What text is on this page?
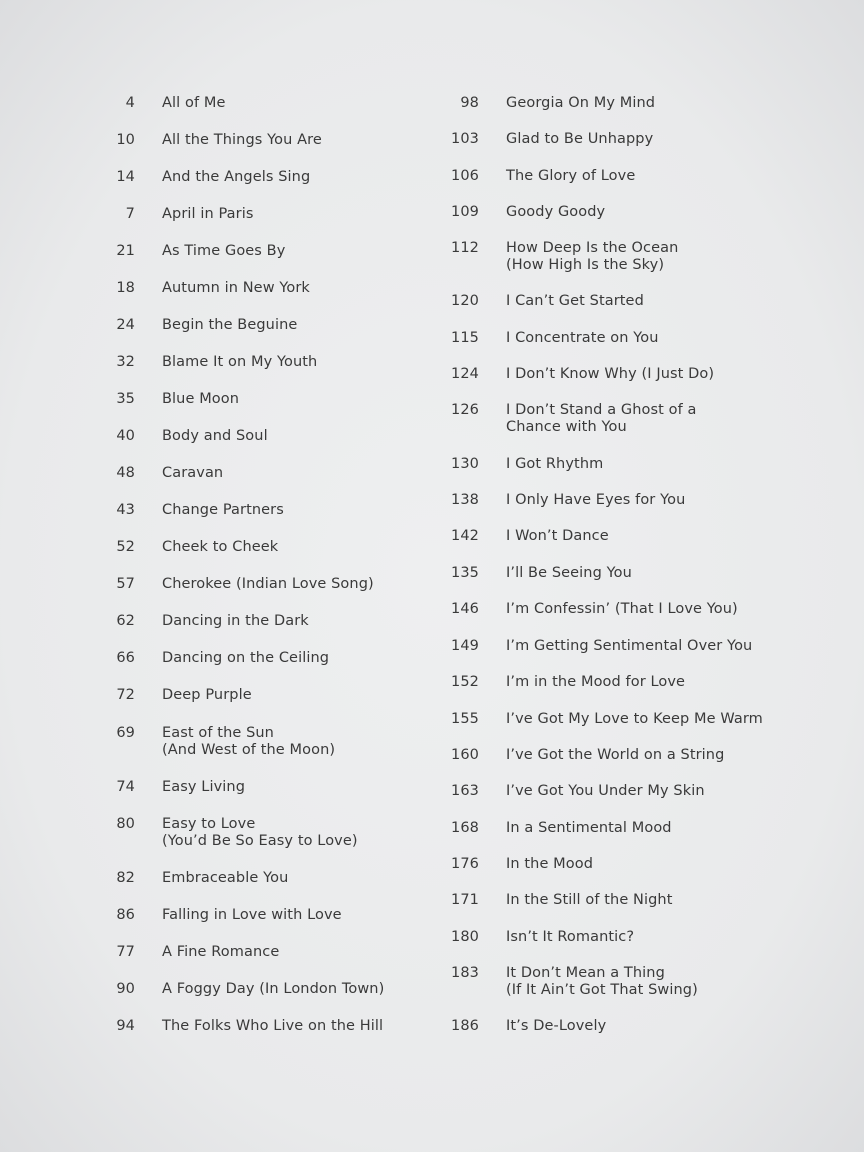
4 All of Me
10 All the Things You Are
14 And the Angels Sing
7 April in Paris
21 As Time Goes By
18 Autumn in New York
24 Begin the Beguine
32 Blame It on My Youth
35 Blue Moon
40 Body and Soul
48 Caravan
43 Change Partners
52 Cheek to Cheek
57 Cherokee (Indian Love Song)
62 Dancing in the Dark
66 Dancing on the Ceiling
72 Deep Purple
69 East of the Sun
(And West of the Moon)
74 Easy Living
80 Easy to Love
(You’d Be So Easy to Love)
82 Embraceable You
86 Falling in Love with Love
77 A Fine Romance
90 A Foggy Day (In London Town)
94 The Folks Who Live on the Hill
98 Georgia On My Mind
103 Glad to Be Unhappy
106 The Glory of Love
109 Goody Goody
112 How Deep Is the Ocean
(How High Is the Sky)
120 I Can’t Get Started
115 I Concentrate on You
124 I Don’t Know Why (I Just Do)
126 I Don’t Stand a Ghost of a
Chance with You
130 I Got Rhythm
138 I Only Have Eyes for You
142 I Won’t Dance
135 I’ll Be Seeing You
146 I’m Confessin’ (That I Love You)
149 I’m Getting Sentimental Over You
152 I’m in the Mood for Love
155 I’ve Got My Love to Keep Me Warm
160 I’ve Got the World on a String
163 I’ve Got You Under My Skin
168 In a Sentimental Mood
176 In the Mood
171 In the Still of the Night
180 Isn’t It Romantic?
183 It Don’t Mean a Thing
(If It Ain’t Got That Swing)
186 It’s De-Lovely
